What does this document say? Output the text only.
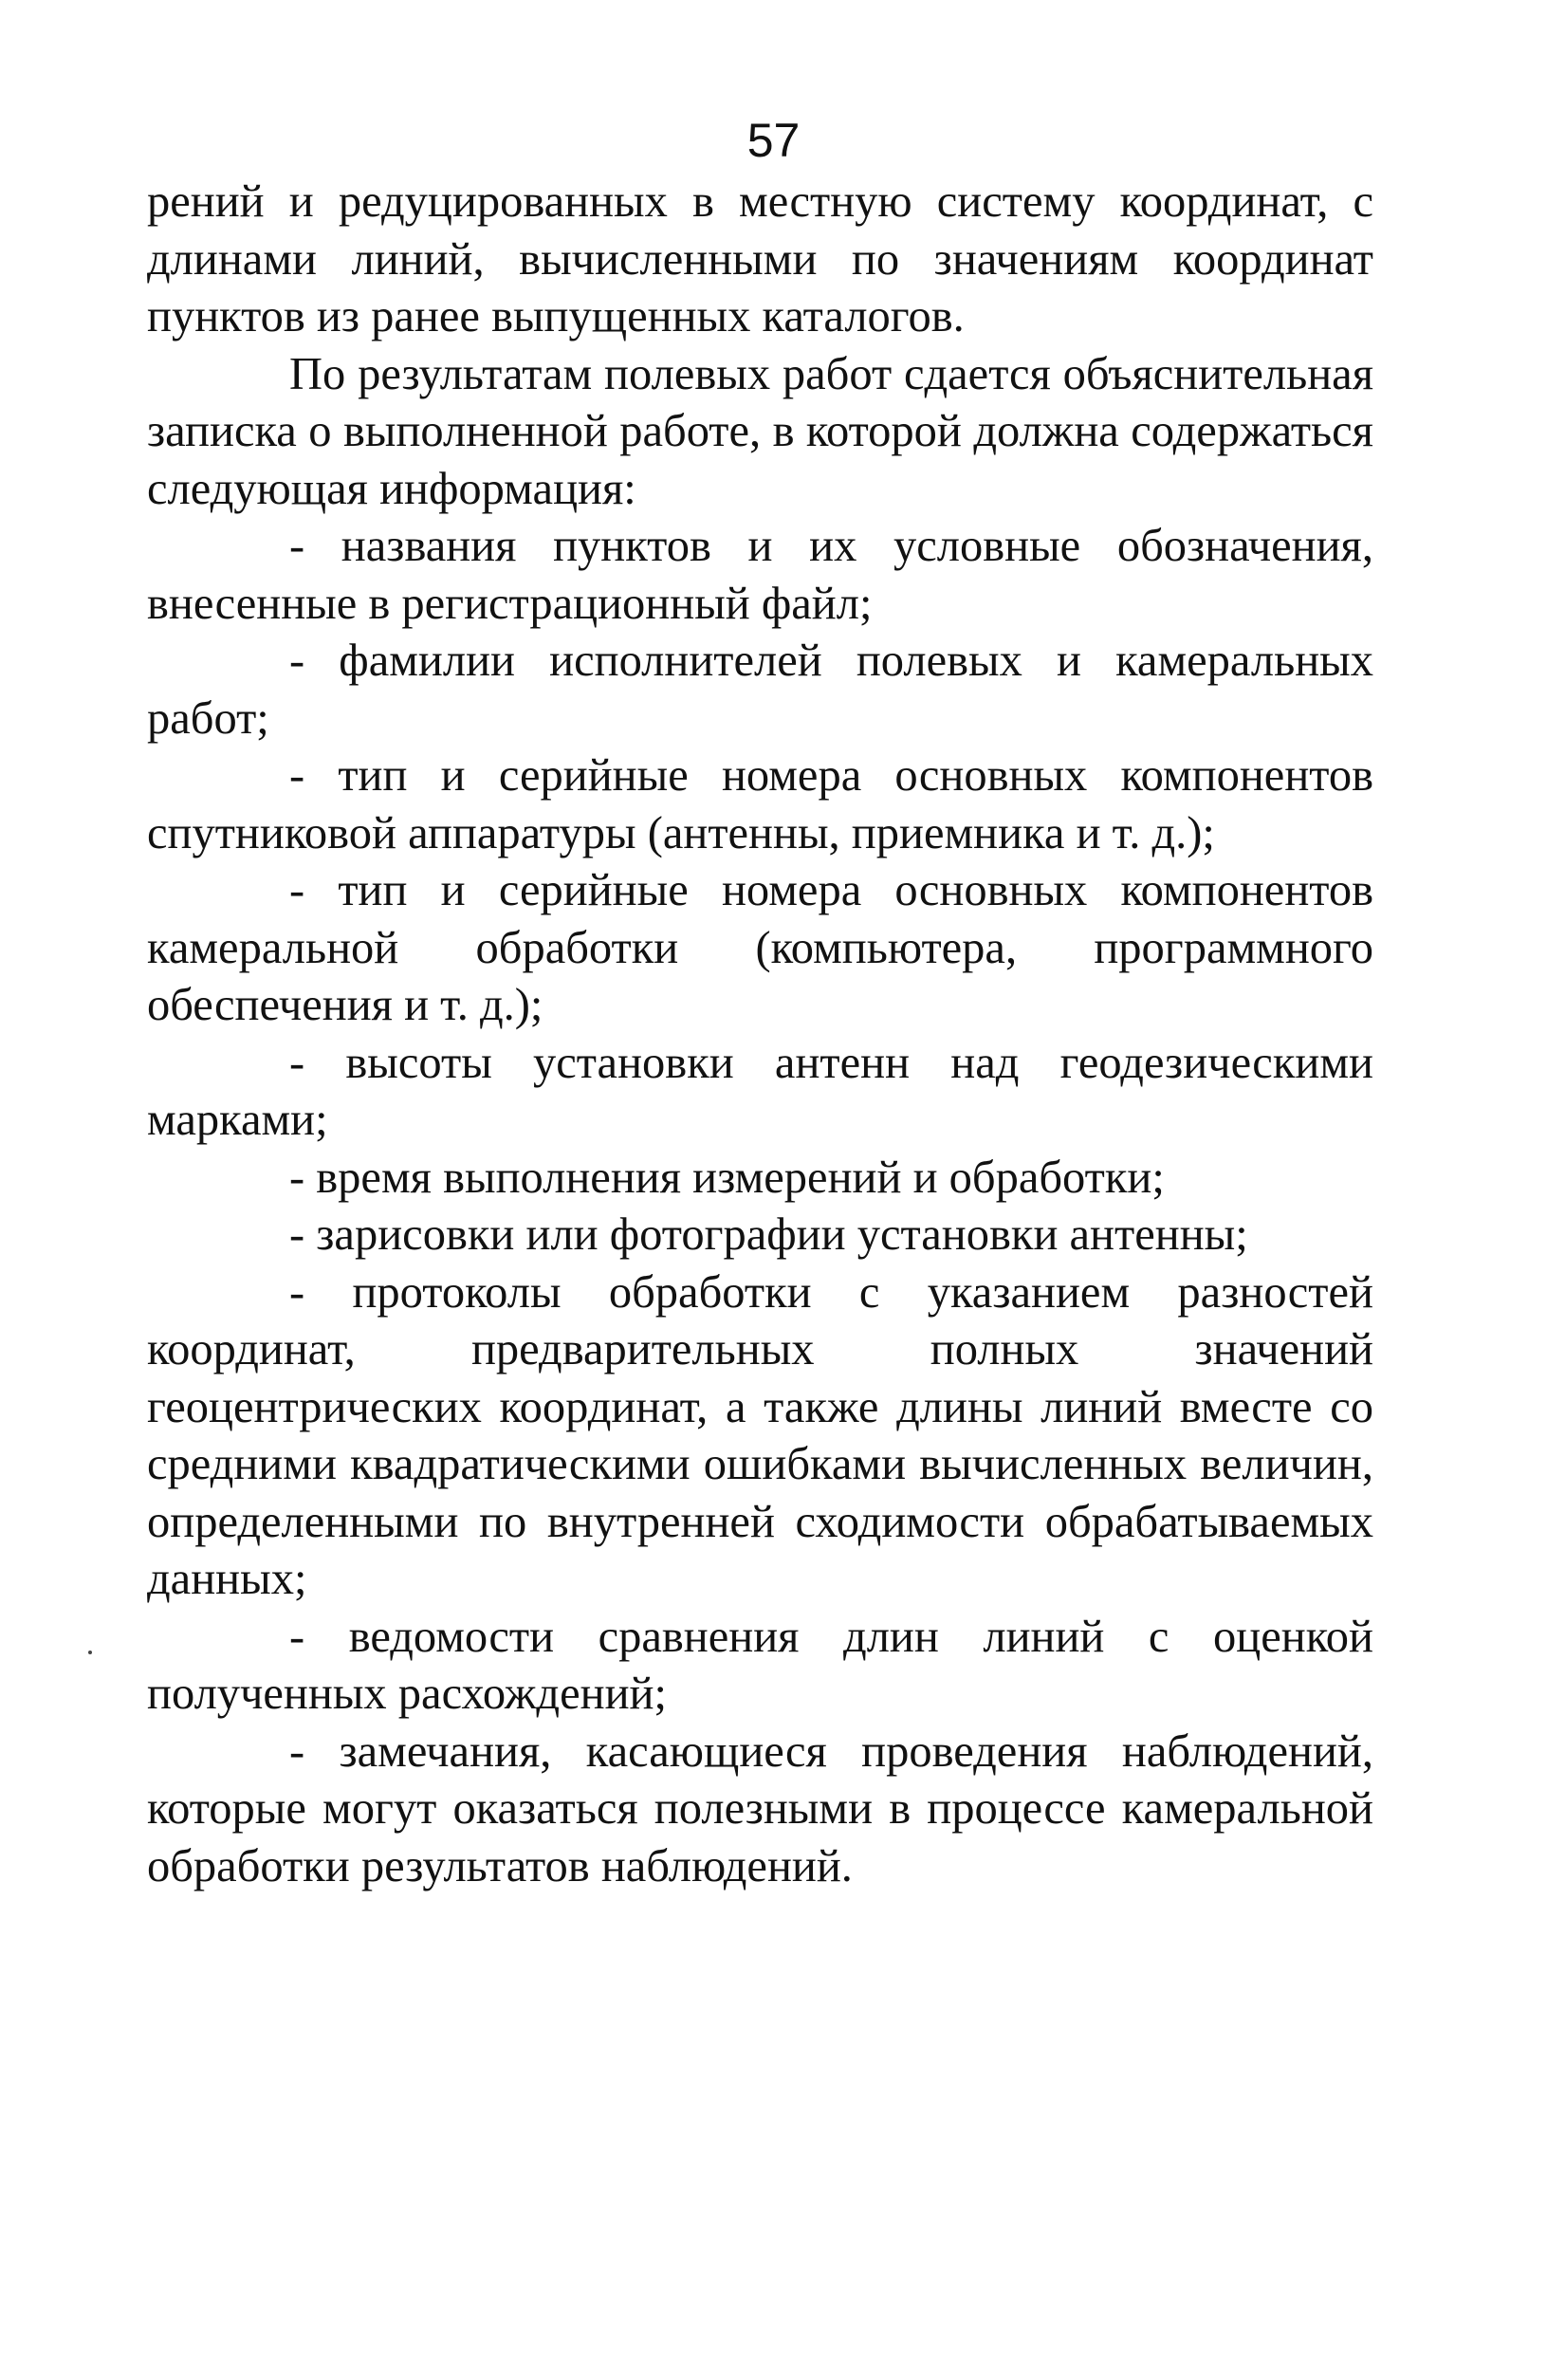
57

рений и редуцированных в местную систему координат, с длинами линий, вычисленными по значениям координат пунктов из ранее выпущенных каталогов.

По результатам полевых работ сдается объяснительная записка о выполненной работе, в которой должна содержаться следующая информация:

- названия пунктов и их условные обозначения, внесенные в регистрационный файл;

- фамилии исполнителей полевых и камеральных работ;

- тип и серийные номера основных компонентов спутниковой аппаратуры (антенны, приемника и т. д.);

- тип и серийные номера основных компонентов камеральной обработки (компьютера, программного обеспечения и т. д.);

- высоты установки антенн над геодезическими марками;

- время выполнения измерений и обработки;

- зарисовки или фотографии установки антенны;

- протоколы обработки с указанием разностей координат, предварительных полных значений геоцентрических координат, а также длины линий вместе со средними квадратическими ошибками вычисленных величин, определенными по внутренней сходимости обрабатываемых данных;

- ведомости сравнения длин линий с оценкой полученных расхождений;

- замечания, касающиеся проведения наблюдений, которые могут оказаться полезными в процессе камеральной обработки результатов наблюдений.
